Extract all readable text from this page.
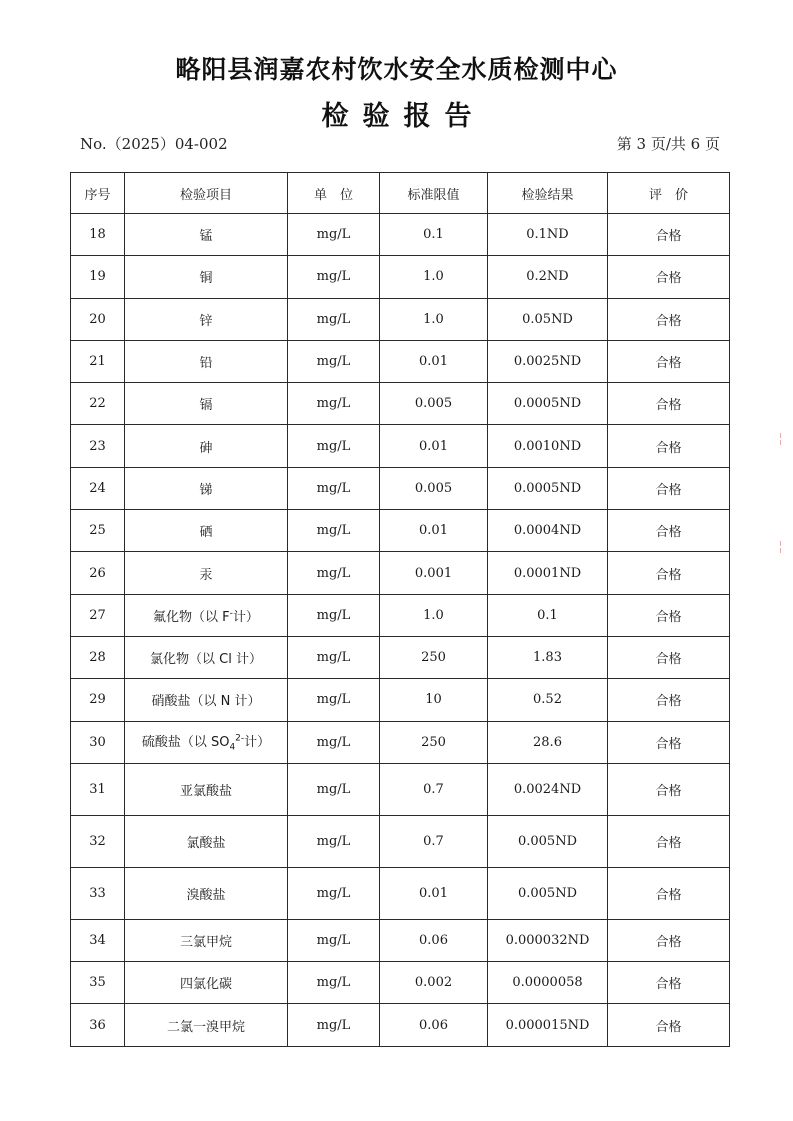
略阳县润嘉农村饮水安全水质检测中心
检验报告
No.（2025）04-002	第 3 页/共 6 页
序号	检验项目	单　位	标准限值	检验结果	评　价
18	锰	mg/L	0.1	0.1ND	合格
19	铜	mg/L	1.0	0.2ND	合格
20	锌	mg/L	1.0	0.05ND	合格
21	铅	mg/L	0.01	0.0025ND	合格
22	镉	mg/L	0.005	0.0005ND	合格
23	砷	mg/L	0.01	0.0010ND	合格
24	锑	mg/L	0.005	0.0005ND	合格
25	硒	mg/L	0.01	0.0004ND	合格
26	汞	mg/L	0.001	0.0001ND	合格
27	氟化物（以 F-计）	mg/L	1.0	0.1	合格
28	氯化物（以 Cl 计）	mg/L	250	1.83	合格
29	硝酸盐（以 N 计）	mg/L	10	0.52	合格
30	硫酸盐（以 $SO_4^{2-}$计）	mg/L	250	28.6	合格
31	亚氯酸盐	mg/L	0.7	0.0024ND	合格
32	氯酸盐	mg/L	0.7	0.005ND	合格
33	溴酸盐	mg/L	0.01	0.005ND	合格
34	三氯甲烷	mg/L	0.06	0.000032ND	合格
35	四氯化碳	mg/L	0.002	0.0000058	合格
36	二氯一溴甲烷	mg/L	0.06	0.000015ND	合格
╎
╎
